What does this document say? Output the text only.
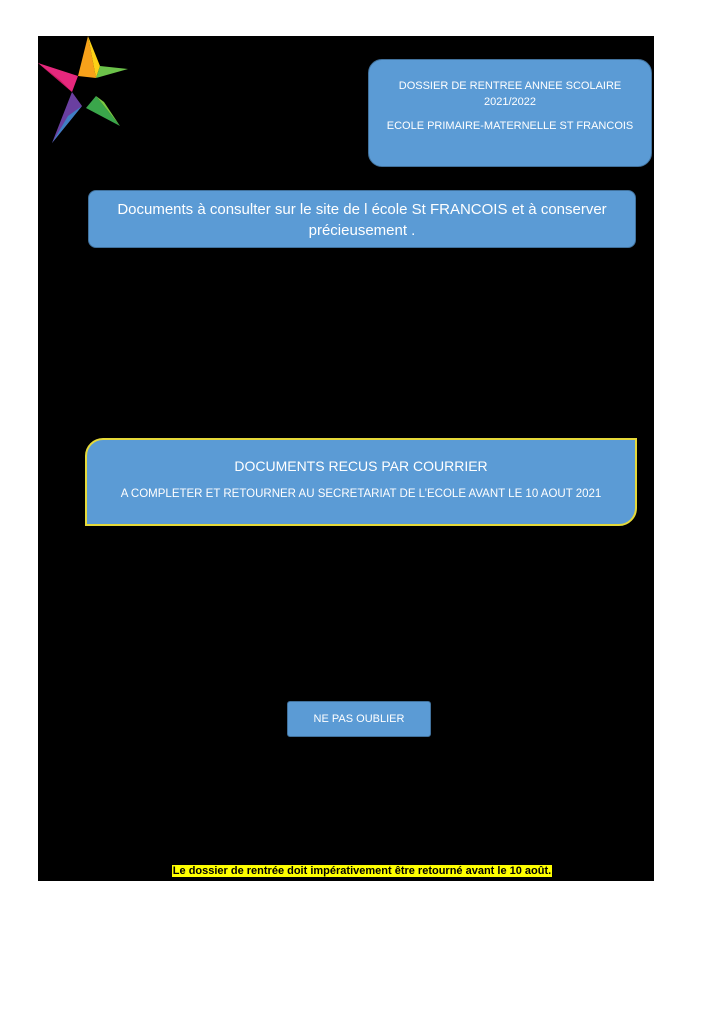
DOSSIER DE RENTREE ANNEE SCOLAIRE
2021/2022
ECOLE PRIMAIRE-MATERNELLE ST FRANCOIS
Documents à consulter sur le site de l école St FRANCOIS et à conserver précieusement .
DOCUMENTS RECUS PAR COURRIER
A COMPLETER ET RETOURNER AU SECRETARIAT DE L’ECOLE AVANT LE 10 AOUT 2021
NE PAS OUBLIER
Le dossier de rentrée doit impérativement être retourné avant le 10 août.
